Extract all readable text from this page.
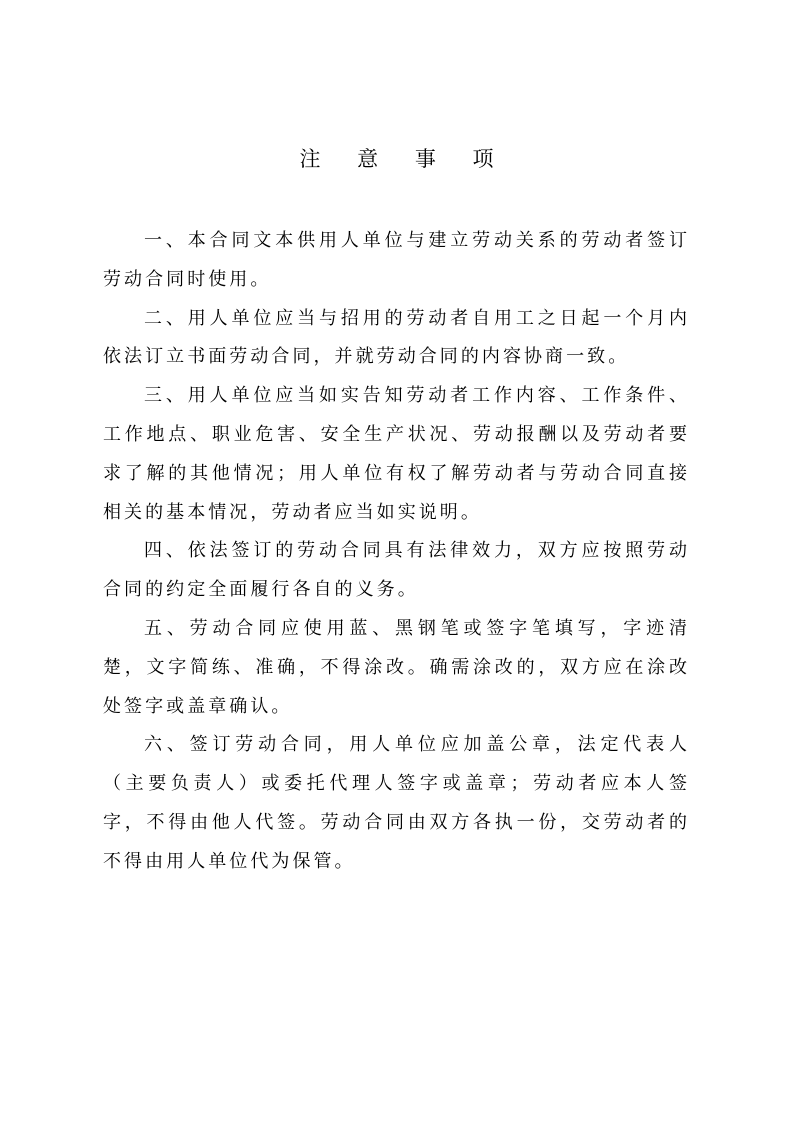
注 意 事 项

一、本合同文本供用人单位与建立劳动关系的劳动者签订劳动合同时使用。

二、用人单位应当与招用的劳动者自用工之日起一个月内依法订立书面劳动合同，并就劳动合同的内容协商一致。

三、用人单位应当如实告知劳动者工作内容、工作条件、工作地点、职业危害、安全生产状况、劳动报酬以及劳动者要求了解的其他情况；用人单位有权了解劳动者与劳动合同直接相关的基本情况，劳动者应当如实说明。

四、依法签订的劳动合同具有法律效力，双方应按照劳动合同的约定全面履行各自的义务。

五、劳动合同应使用蓝、黑钢笔或签字笔填写，字迹清楚，文字简练、准确，不得涂改。确需涂改的，双方应在涂改处签字或盖章确认。

六、签订劳动合同，用人单位应加盖公章，法定代表人（主要负责人）或委托代理人签字或盖章；劳动者应本人签字，不得由他人代签。劳动合同由双方各执一份，交劳动者的不得由用人单位代为保管。
